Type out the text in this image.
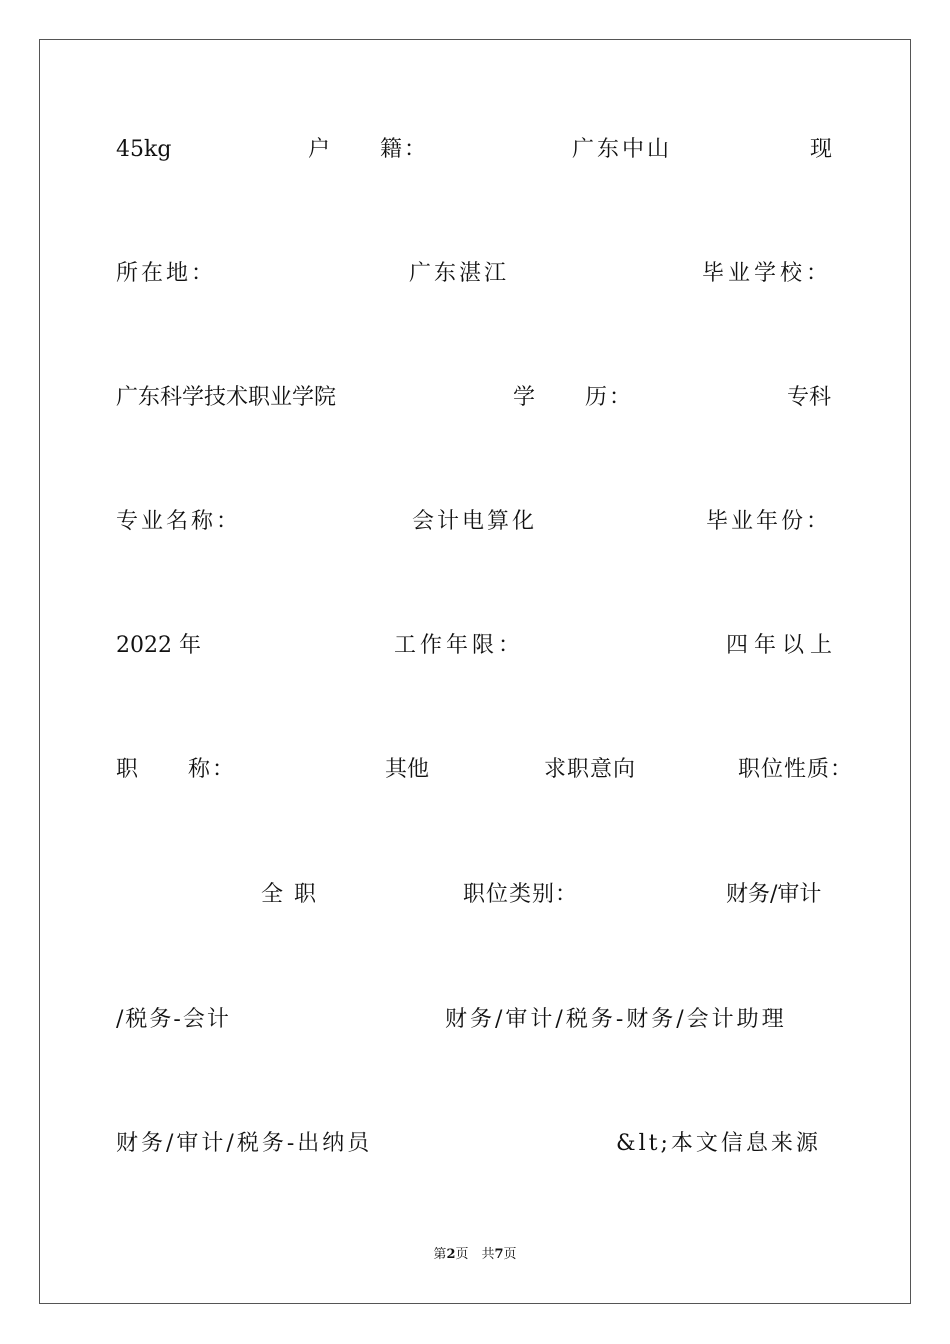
45kg	户　　籍：	广东中山	现
所在地：	广东湛江	毕业学校：
广东科学技术职业学院	学　　历：	专科
专业名称：	会计电算化	毕业年份：
2022 年	工作年限：	四年以上
职　　称：	其他	求职意向	职位性质：
全 职	职位类别：	财务/审计
/税务-会计	财务/审计/税务-财务/会计助理
财务/审计/税务-出纳员	&lt;本文信息来源
第2页　共7页
